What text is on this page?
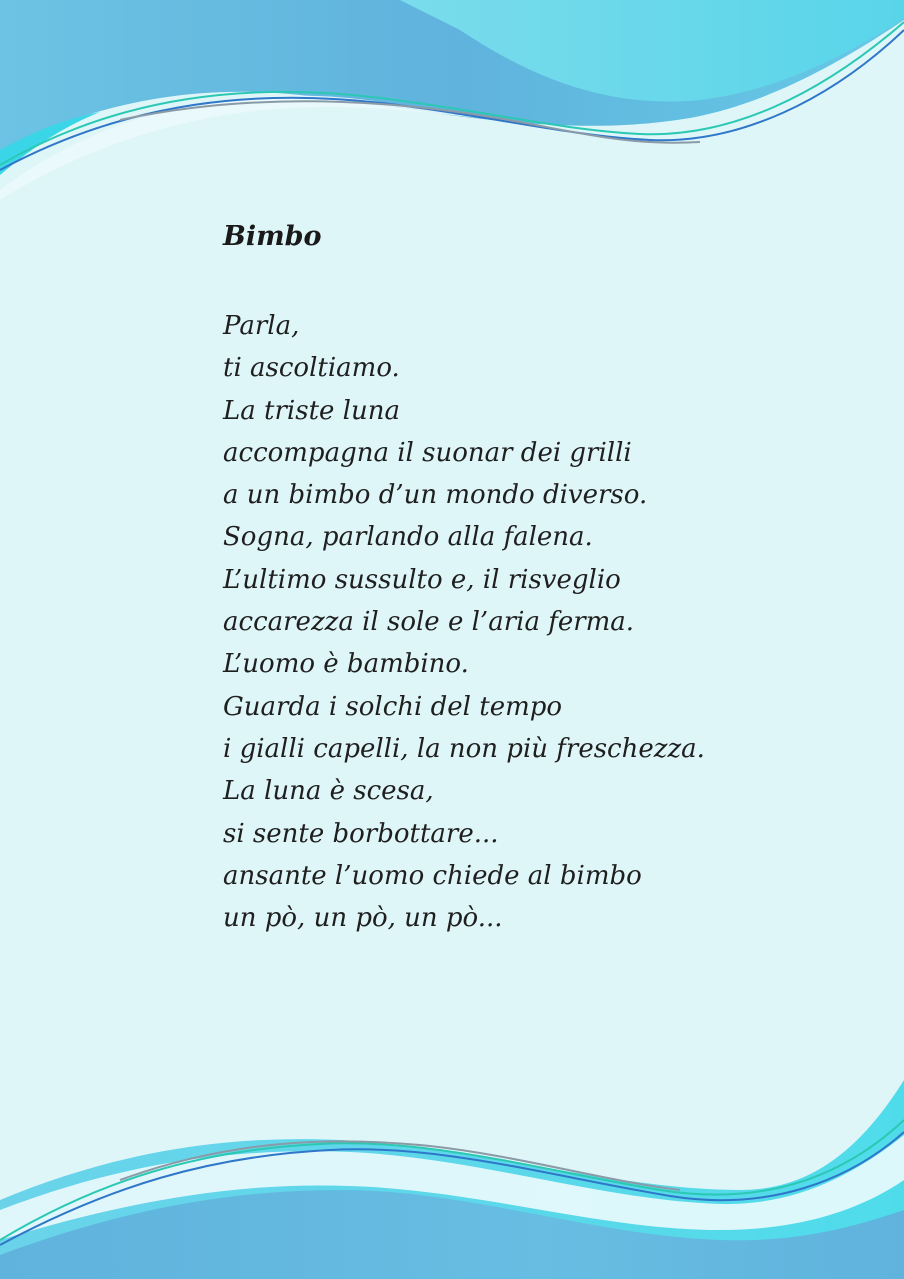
Bimbo
Parla,
ti ascoltiamo.
La triste luna
accompagna il suonar dei grilli
a un bimbo d’un mondo diverso.
Sogna, parlando alla falena.
L’ultimo sussulto e, il risveglio
accarezza il sole e l’aria ferma.
L’uomo è bambino.
Guarda i solchi del tempo
i gialli capelli, la non più freschezza.
La luna è scesa,
si sente borbottare...
ansante l’uomo chiede al bimbo
un pò, un pò, un pò...
